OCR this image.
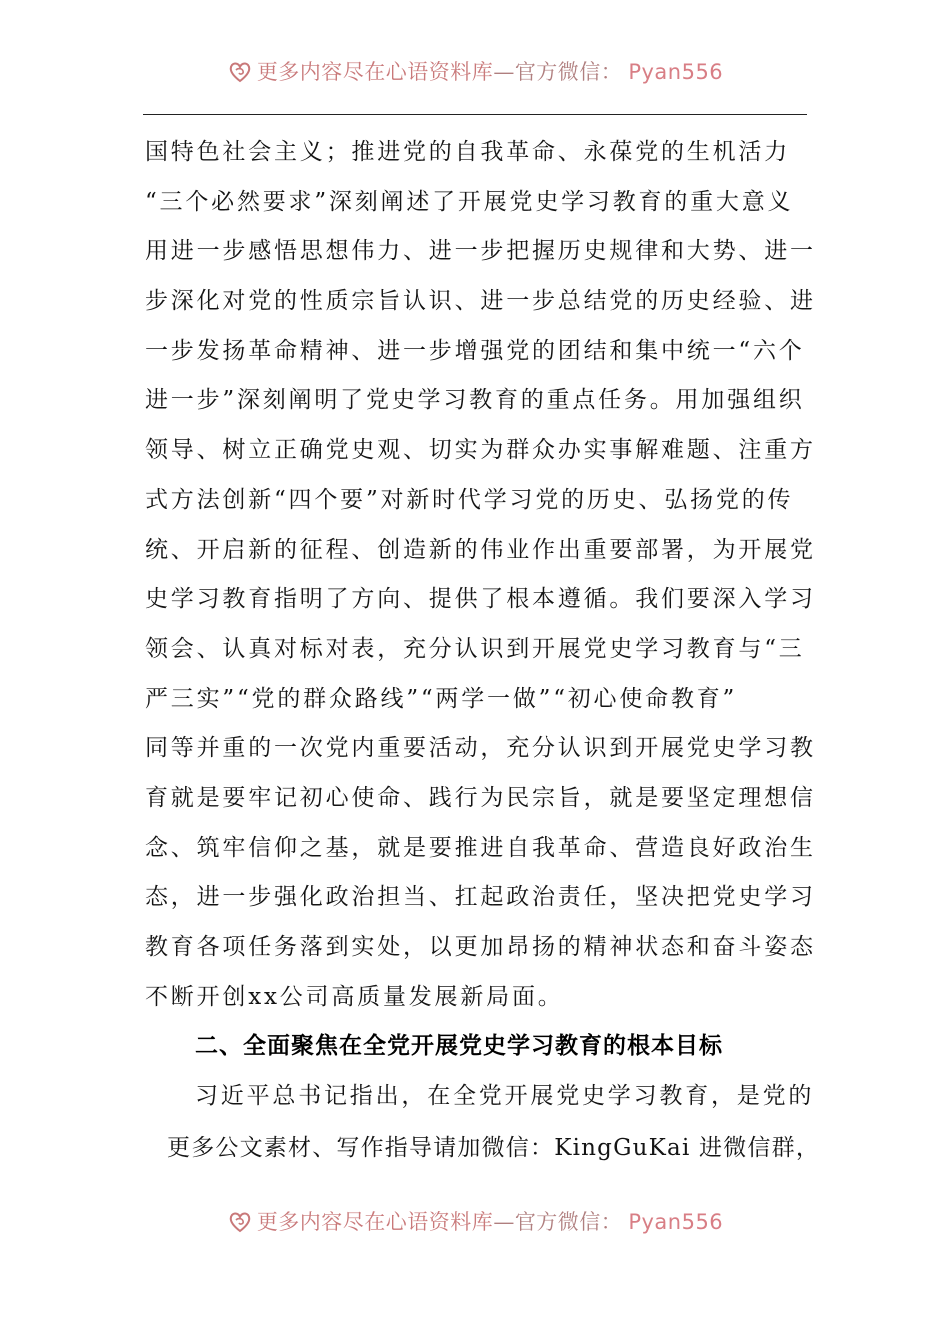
更多内容尽在心语资料库—官方微信： Pyan556
国特色社会主义；推进党的自我革命、永葆党的生机活力
“三个必然要求”深刻阐述了开展党史学习教育的重大意义
用进一步感悟思想伟力、进一步把握历史规律和大势、进一
步深化对党的性质宗旨认识、进一步总结党的历史经验、进
一步发扬革命精神、进一步增强党的团结和集中统一“六个
进一步”深刻阐明了党史学习教育的重点任务。用加强组织
领导、树立正确党史观、切实为群众办实事解难题、注重方
式方法创新“四个要”对新时代学习党的历史、弘扬党的传
统、开启新的征程、创造新的伟业作出重要部署，为开展党
史学习教育指明了方向、提供了根本遵循。我们要深入学习
领会、认真对标对表，充分认识到开展党史学习教育与“三
严三实”“党的群众路线”“两学一做”“初心使命教育”
同等并重的一次党内重要活动，充分认识到开展党史学习教
育就是要牢记初心使命、践行为民宗旨，就是要坚定理想信
念、筑牢信仰之基，就是要推进自我革命、营造良好政治生
态，进一步强化政治担当、扛起政治责任，坚决把党史学习
教育各项任务落到实处，以更加昂扬的精神状态和奋斗姿态
不断开创xx公司高质量发展新局面。
二、全面聚焦在全党开展党史学习教育的根本目标
习近平总书记指出，在全党开展党史学习教育，是党的
更多公文素材、写作指导请加微信：KingGuKai 进微信群，
更多内容尽在心语资料库—官方微信： Pyan556
